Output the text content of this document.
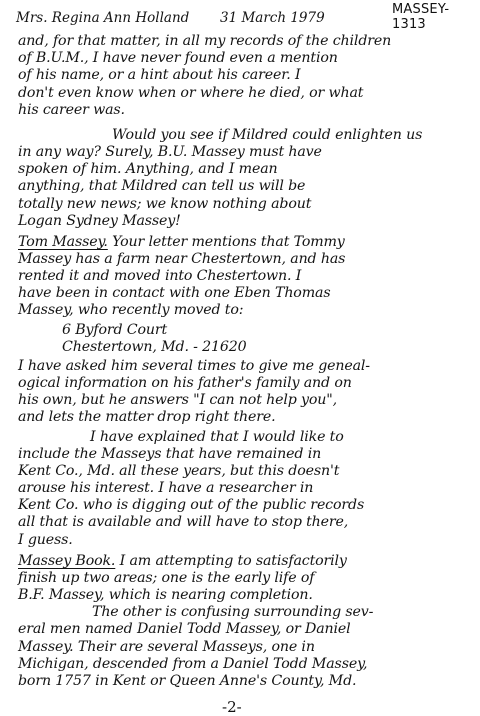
Mrs. Regina Ann Holland 31 March 1979
MASSEY-1313
and, for that matter, in all my records of the children
of B.U.M., I have never found even a mention
of his name, or a hint about his career. I
don't even know when or where he died, or what
his career was.
Would you see if Mildred could enlighten us
in any way? Surely, B.U. Massey must have
spoken of him. Anything, and I mean
anything, that Mildred can tell us will be
totally new news; we know nothing about
Logan Sydney Massey!
Tom Massey. Your letter mentions that Tommy
Massey has a farm near Chestertown, and has
rented it and moved into Chestertown. I
have been in contact with one Eben Thomas
Massey, who recently moved to:
6 Byford Court
Chestertown, Md. - 21620
I have asked him several times to give me geneal-
ogical information on his father's family and on
his own, but he answers "I can not help you",
and lets the matter drop right there.
I have explained that I would like to
include the Masseys that have remained in
Kent Co., Md. all these years, but this doesn't
arouse his interest. I have a researcher in
Kent Co. who is digging out of the public records
all that is available and will have to stop there,
I guess.
Massey Book. I am attempting to satisfactorily
finish up two areas; one is the early life of
B.F. Massey, which is nearing completion.
The other is confusing surrounding sev-
eral men named Daniel Todd Massey, or Daniel
Massey. Their are several Masseys, one in
Michigan, descended from a Daniel Todd Massey,
born 1757 in Kent or Queen Anne's County, Md.
-2-
